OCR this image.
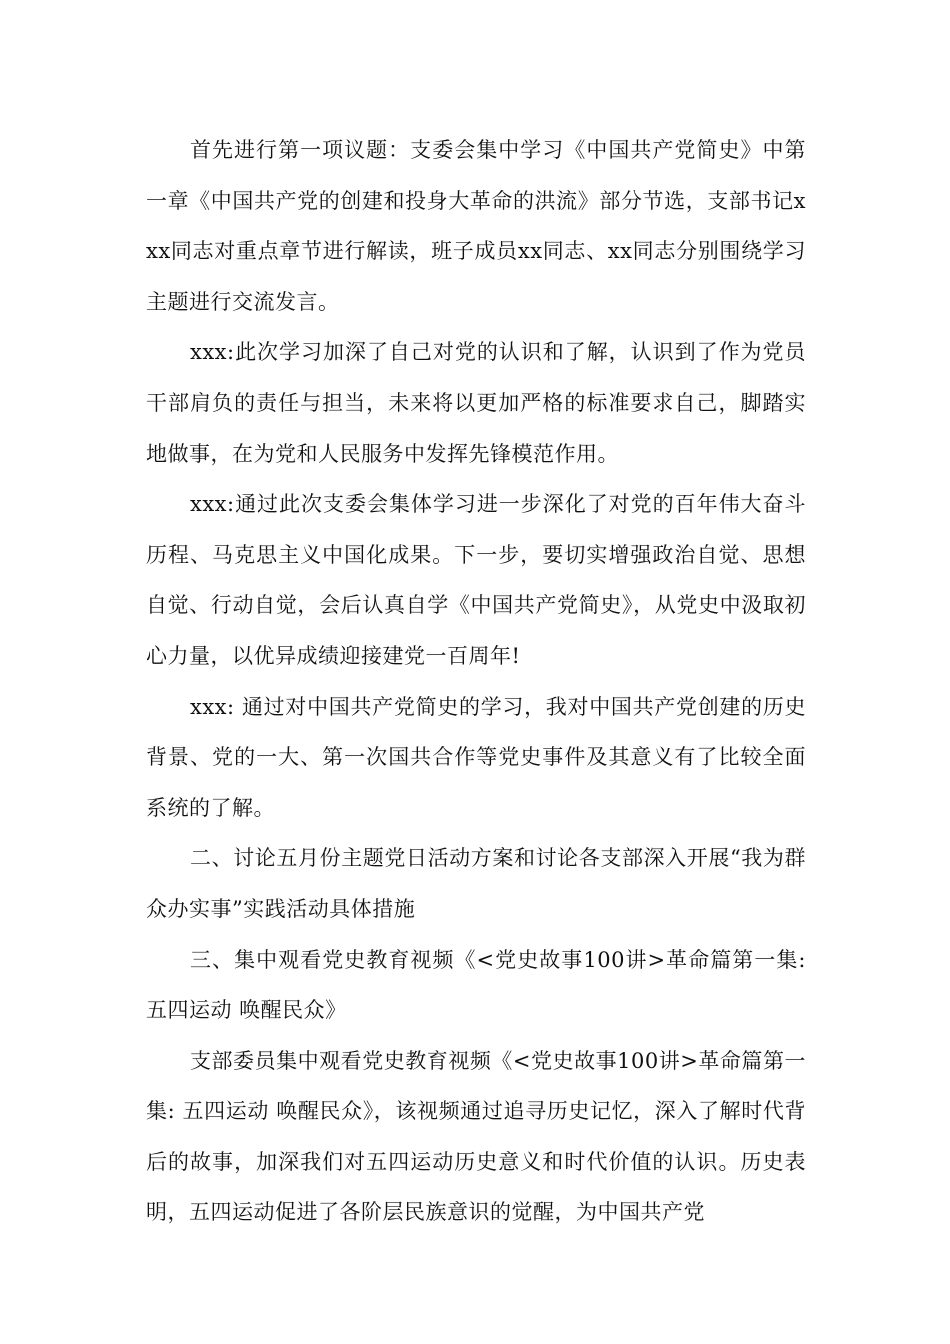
首先进行第一项议题：支委会集中学习《中国共产党简史》中第一章《中国共产党的创建和投身大革命的洪流》部分节选，支部书记xxx同志对重点章节进行解读，班子成员xx同志、xx同志分别围绕学习主题进行交流发言。

xxx:此次学习加深了自己对党的认识和了解，认识到了作为党员干部肩负的责任与担当，未来将以更加严格的标准要求自己，脚踏实地做事，在为党和人民服务中发挥先锋模范作用。

xxx:通过此次支委会集体学习进一步深化了对党的百年伟大奋斗历程、马克思主义中国化成果。下一步，要切实增强政治自觉、思想自觉、行动自觉，会后认真自学《中国共产党简史》，从党史中汲取初心力量，以优异成绩迎接建党一百周年!

xxx: 通过对中国共产党简史的学习，我对中国共产党创建的历史背景、党的一大、第一次国共合作等党史事件及其意义有了比较全面系统的了解。

二、讨论五月份主题党日活动方案和讨论各支部深入开展“我为群众办实事”实践活动具体措施

三、集中观看党史教育视频《<党史故事100讲>革命篇第一集:五四运动 唤醒民众》

支部委员集中观看党史教育视频《<党史故事100讲>革命篇第一集: 五四运动 唤醒民众》，该视频通过追寻历史记忆，深入了解时代背后的故事，加深我们对五四运动历史意义和时代价值的认识。历史表明，五四运动促进了各阶层民族意识的觉醒，为中国共产党
